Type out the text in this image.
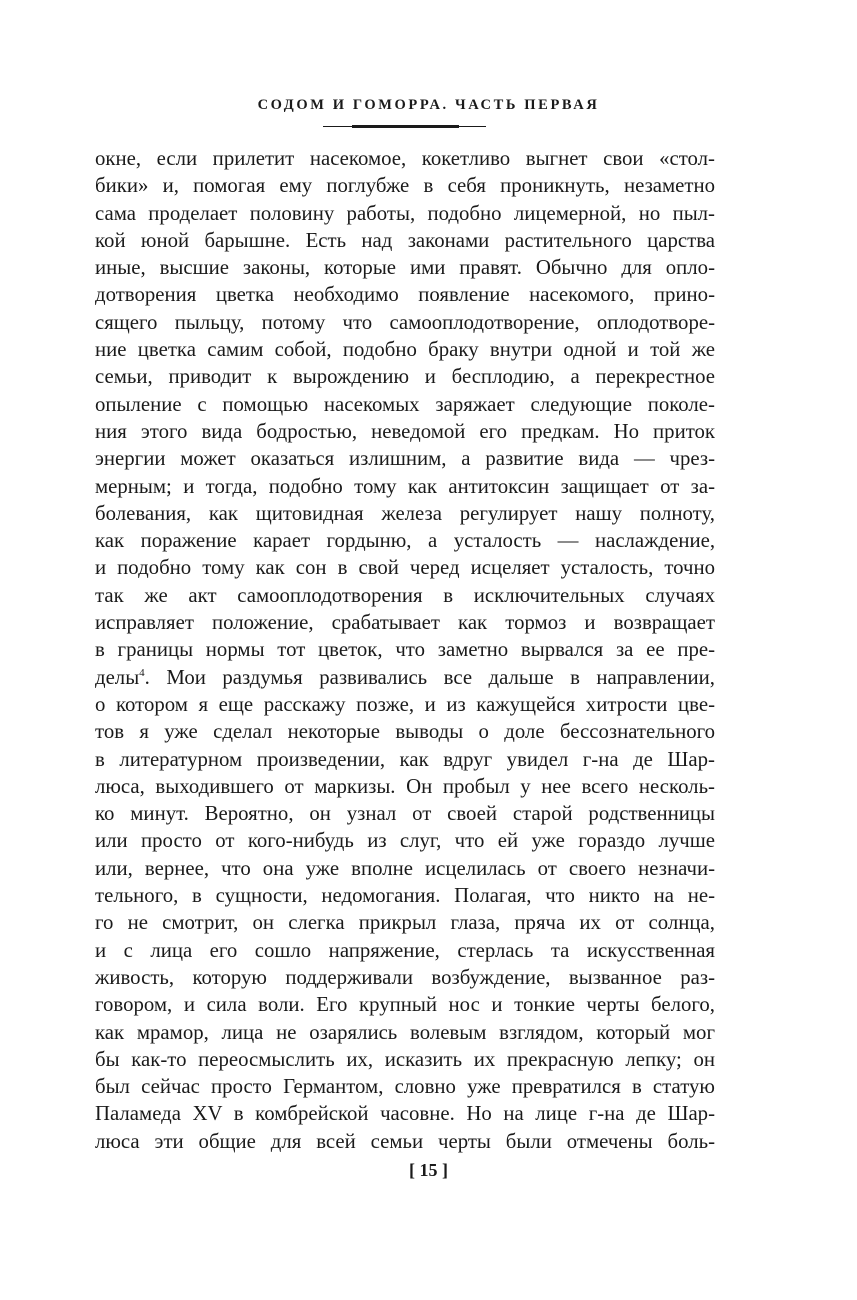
СОДОМ И ГОМОРРА. ЧАСТЬ ПЕРВАЯ
окне, если прилетит насекомое, кокетливо выгнет свои «стол-
бики» и, помогая ему поглубже в себя проникнуть, незаметно
сама проделает половину работы, подобно лицемерной, но пыл-
кой юной барышне. Есть над законами растительного царства
иные, высшие законы, которые ими правят. Обычно для опло-
дотворения цветка необходимо появление насекомого, прино-
сящего пыльцу, потому что самооплодотворение, оплодотворе-
ние цветка самим собой, подобно браку внутри одной и той же
семьи, приводит к вырождению и бесплодию, а перекрестное
опыление с помощью насекомых заряжает следующие поколе-
ния этого вида бодростью, неведомой его предкам. Но приток
энергии может оказаться излишним, а развитие вида — чрез-
мерным; и тогда, подобно тому как антитоксин защищает от за-
болевания, как щитовидная железа регулирует нашу полноту,
как поражение карает гордыню, а усталость — наслаждение,
и подобно тому как сон в свой черед исцеляет усталость, точно
так же акт самооплодотворения в исключительных случаях
исправляет положение, срабатывает как тормоз и возвращает
в границы нормы тот цветок, что заметно вырвался за ее пре-
делы$^4$. Мои раздумья развивались все дальше в направлении,
о котором я еще расскажу позже, и из кажущейся хитрости цве-
тов я уже сделал некоторые выводы о доле бессознательного
в литературном произведении, как вдруг увидел г-на де Шар-
люса, выходившего от маркизы. Он пробыл у нее всего несколь-
ко минут. Вероятно, он узнал от своей старой родственницы
или просто от кого-нибудь из слуг, что ей уже гораздо лучше
или, вернее, что она уже вполне исцелилась от своего незначи-
тельного, в сущности, недомогания. Полагая, что никто на не-
го не смотрит, он слегка прикрыл глаза, пряча их от солнца,
и с лица его сошло напряжение, стерлась та искусственная
живость, которую поддерживали возбуждение, вызванное раз-
говором, и сила воли. Его крупный нос и тонкие черты белого,
как мрамор, лица не озарялись волевым взглядом, который мог
бы как-то переосмыслить их, исказить их прекрасную лепку; он
был сейчас просто Германтом, словно уже превратился в статую
Паламеда XV в комбрейской часовне. Но на лице г-на де Шар-
люса эти общие для всей семьи черты были отмечены боль-
[ 15 ]
